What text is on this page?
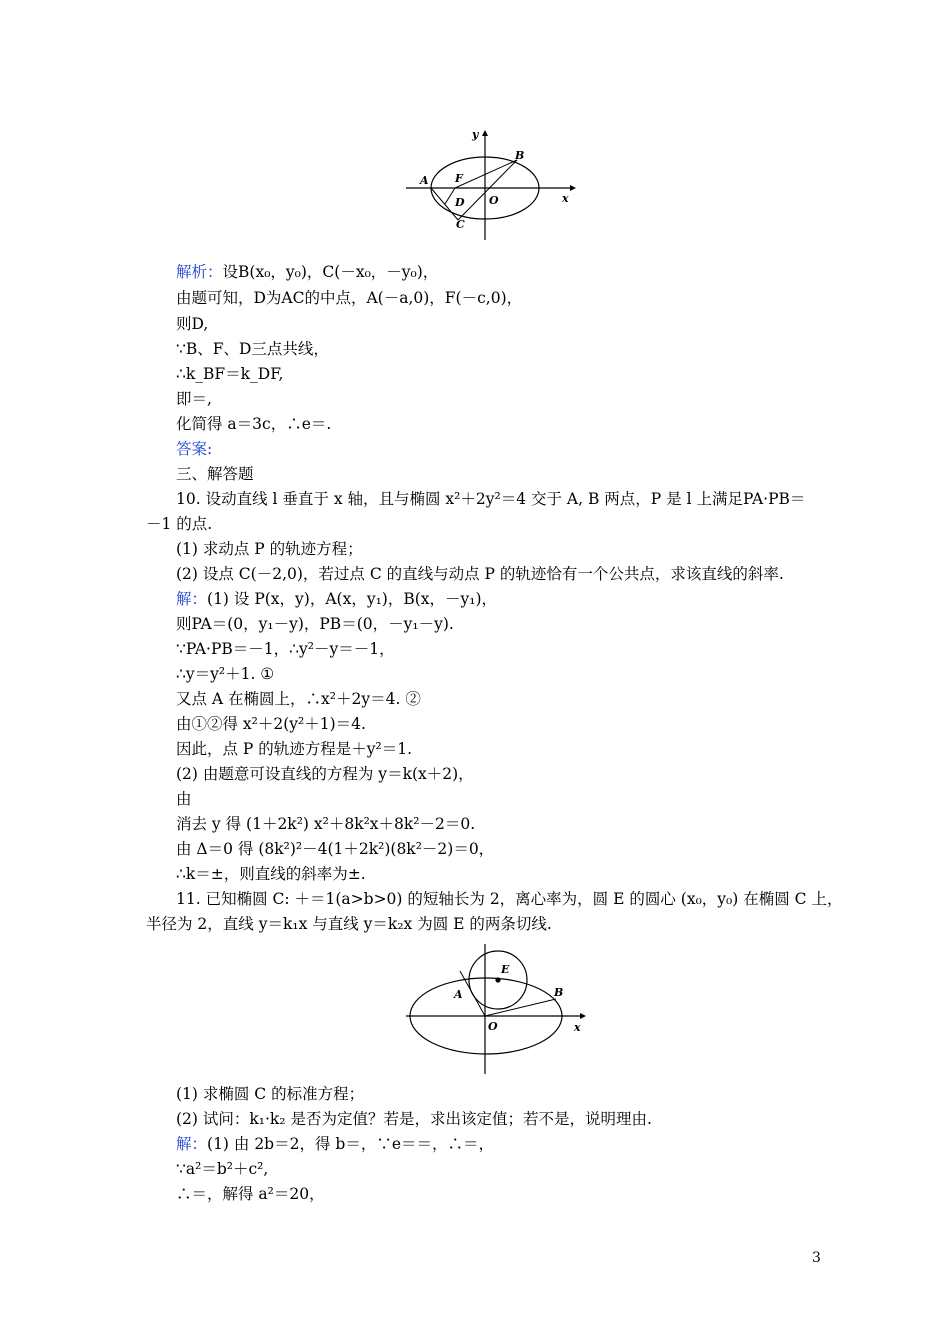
y
x
A
B
F
D O
C
解析：设B(x₀，y₀)，C(－x₀，－y₀)，
由题可知，D为AC的中点，A(－a,0)，F(－c,0)，
则D,
∵B、F、D三点共线，
∴k_BF＝k_DF,
即＝,
化简得 a＝3c，∴e＝.
答案:
三、解答题
10. 设动直线 l 垂直于 x 轴，且与椭圆 x²＋2y²＝4 交于 A, B 两点，P 是 l 上满足PA·PB＝
－1 的点.
(1) 求动点 P 的轨迹方程；
(2) 设点 C(－2,0)，若过点 C 的直线与动点 P 的轨迹恰有一个公共点，求该直线的斜率.
解：(1) 设 P(x，y)，A(x，y₁)，B(x，－y₁)，
则PA＝(0，y₁－y)，PB＝(0，－y₁－y).
∵PA·PB＝－1，∴y²－y＝－1，
∴y＝y²＋1. ①
又点 A 在椭圆上，∴x²＋2y＝4. ②
由①②得 x²＋2(y²＋1)＝4.
因此，点 P 的轨迹方程是＋y²＝1.
(2) 由题意可设直线的方程为 y＝k(x＋2)，
由
消去 y 得 (1＋2k²) x²＋8k²x＋8k²－2＝0.
由 Δ＝0 得 (8k²)²－4(1＋2k²)(8k²－2)＝0，
∴k＝±，则直线的斜率为±.
11. 已知椭圆 C: ＋＝1(a>b>0) 的短轴长为 2，离心率为，圆 E 的圆心 (x₀，y₀) 在椭圆 C 上，
半径为 2，直线 y＝k₁x 与直线 y＝k₂x 为圆 E 的两条切线.
E
A	B
O	x
(1) 求椭圆 C 的标准方程；
(2) 试问：k₁·k₂ 是否为定值？若是，求出该定值；若不是，说明理由.
解：(1) 由 2b＝2，得 b＝，∵e＝＝，∴＝，
∵a²＝b²＋c²,
∴＝，解得 a²＝20，
3
